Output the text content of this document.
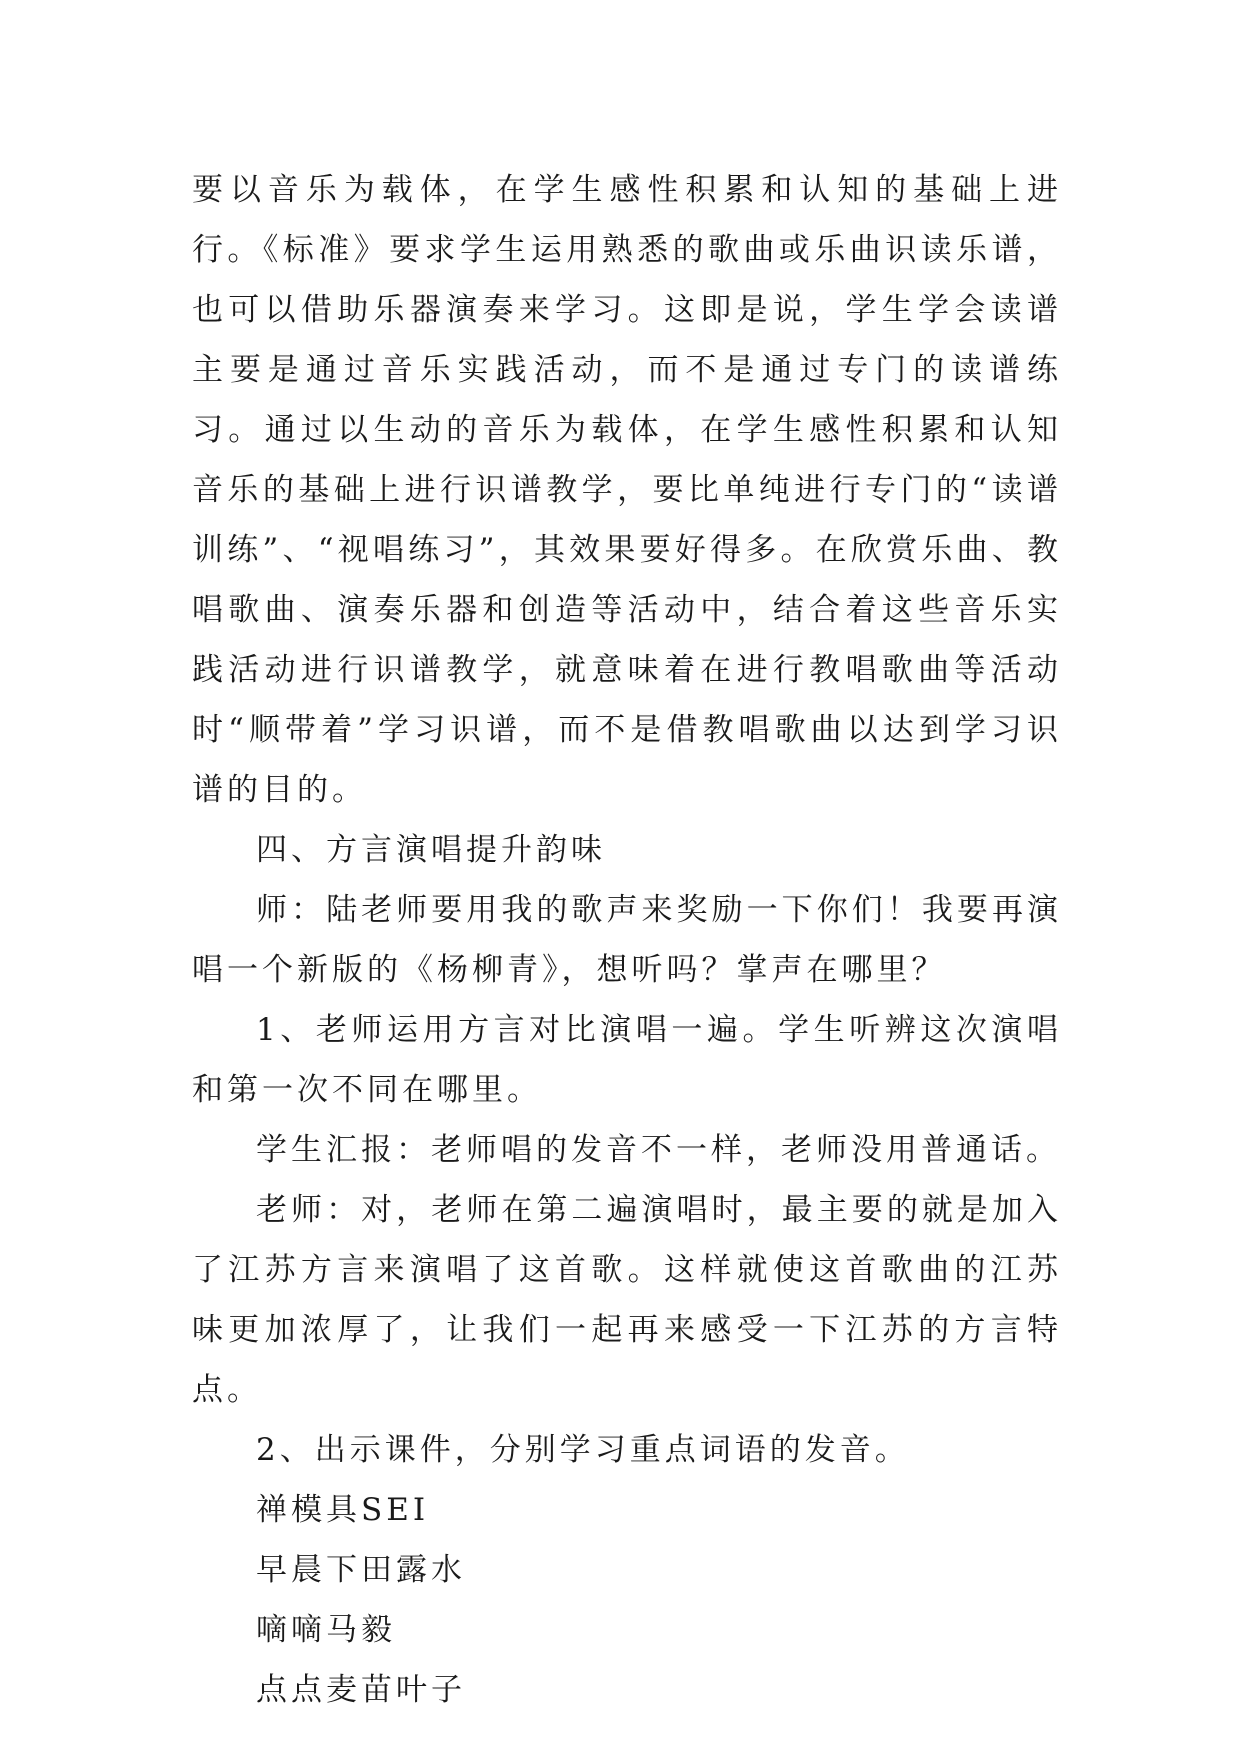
要以音乐为载体，在学生感性积累和认知的基础上进行。《标准》要求学生运用熟悉的歌曲或乐曲识读乐谱，也可以借助乐器演奏来学习。这即是说，学生学会读谱主要是通过音乐实践活动，而不是通过专门的读谱练习。通过以生动的音乐为载体，在学生感性积累和认知音乐的基础上进行识谱教学，要比单纯进行专门的“读谱训练”、“视唱练习”，其效果要好得多。在欣赏乐曲、教唱歌曲、演奏乐器和创造等活动中，结合着这些音乐实践活动进行识谱教学，就意味着在进行教唱歌曲等活动时“顺带着”学习识谱，而不是借教唱歌曲以达到学习识谱的目的。

四、方言演唱提升韵味

师：陆老师要用我的歌声来奖励一下你们！我要再演唱一个新版的《杨柳青》，想听吗？掌声在哪里？

1、老师运用方言对比演唱一遍。学生听辨这次演唱和第一次不同在哪里。

学生汇报：老师唱的发音不一样，老师没用普通话。

老师：对，老师在第二遍演唱时，最主要的就是加入了江苏方言来演唱了这首歌。这样就使这首歌曲的江苏味更加浓厚了，让我们一起再来感受一下江苏的方言特点。

2、出示课件，分别学习重点词语的发音。

禅模具SEI

早晨下田露水

嘀嘀马毅

点点麦苗叶子
